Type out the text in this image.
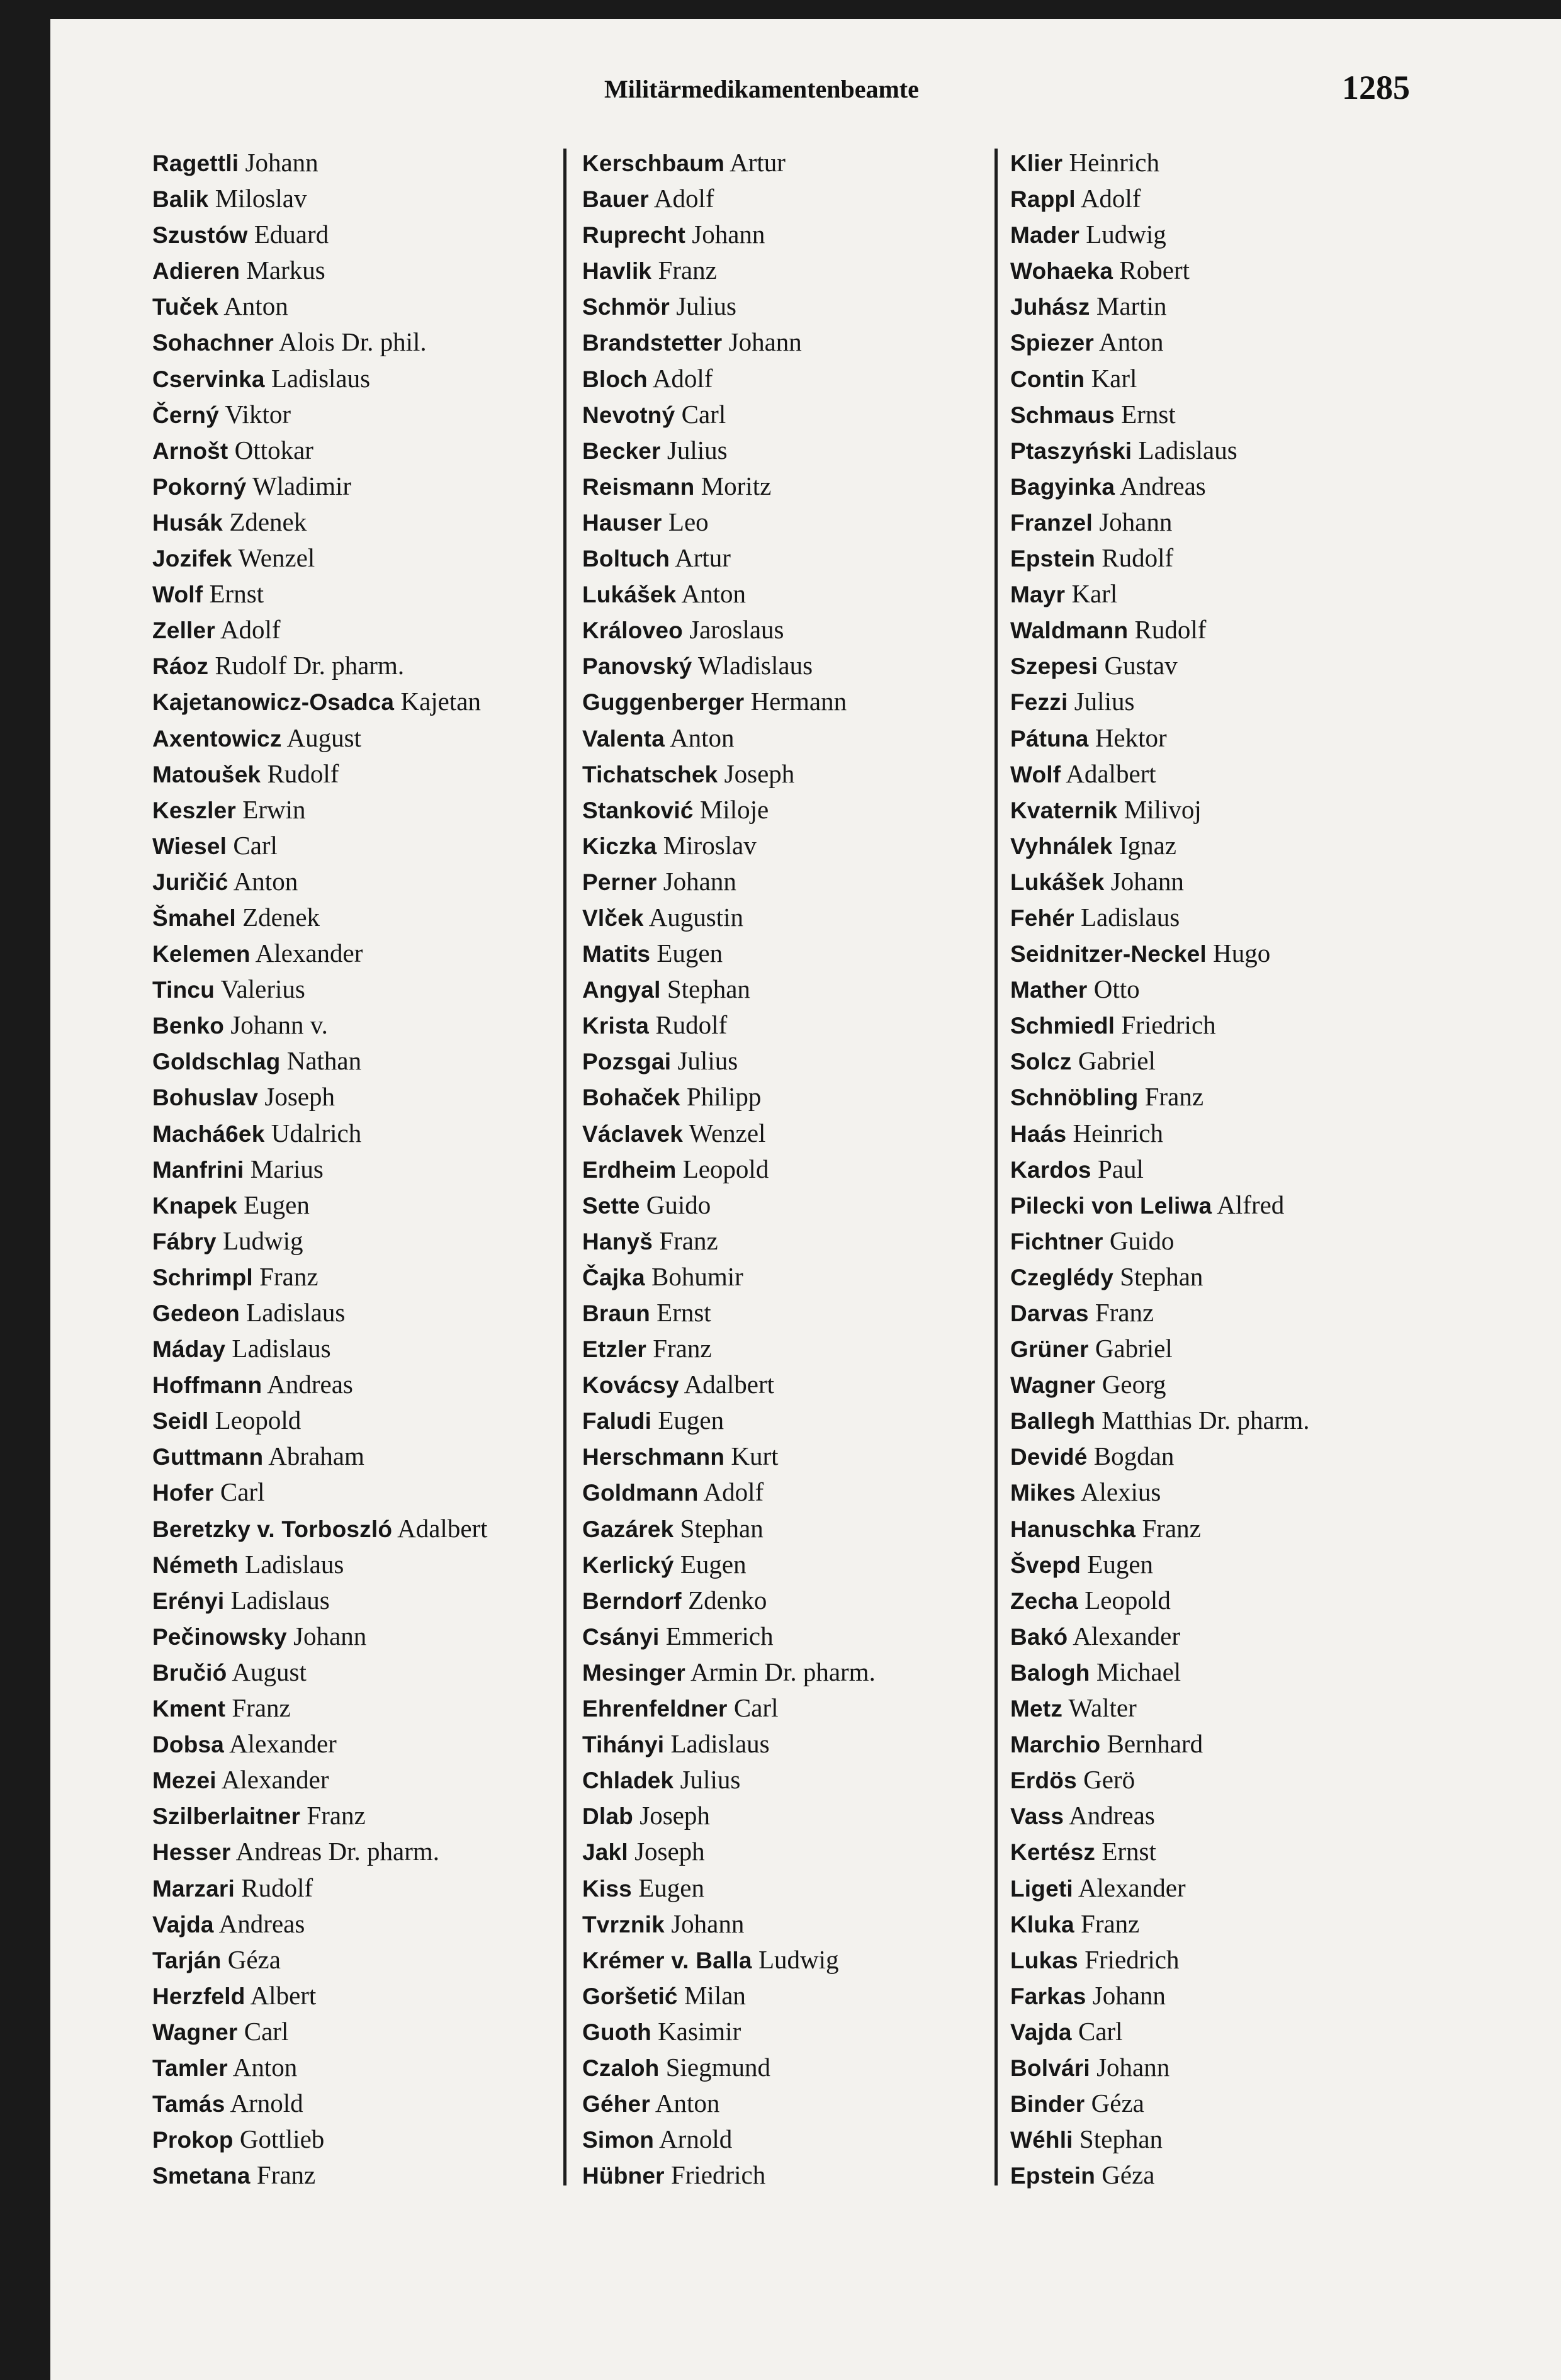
Militärmedikamentenbeamte	1285
Ragettli Johann
Balik Miloslav
Szustów Eduard
Adieren Markus
Tuček Anton
Sohachner Alois Dr. phil.
Cservinka Ladislaus
Černý Viktor
Arnošt Ottokar
Pokorný Wladimir
Husák Zdenek
Jozifek Wenzel
Wolf Ernst
Zeller Adolf
Ráoz Rudolf Dr. pharm.
Kajetanowicz-Osadca Kajetan
Axentowicz August
Matoušek Rudolf
Keszler Erwin
Wiesel Carl
Juričić Anton
Šmahel Zdenek
Kelemen Alexander
Tincu Valerius
Benko Johann v.
Goldschlag Nathan
Bohuslav Joseph
Machá6ek Udalrich
Manfrini Marius
Knapek Eugen
Fábry Ludwig
Schrimpl Franz
Gedeon Ladislaus
Máday Ladislaus
Hoffmann Andreas
Seidl Leopold
Guttmann Abraham
Hofer Carl
Beretzky v. Torboszló Adalbert
Németh Ladislaus
Erényi Ladislaus
Pečinowsky Johann
Bručió August
Kment Franz
Dobsa Alexander
Mezei Alexander
Szilberlaitner Franz
Hesser Andreas Dr. pharm.
Marzari Rudolf
Vajda Andreas
Tarján Géza
Herzfeld Albert
Wagner Carl
Tamler Anton
Tamás Arnold
Prokop Gottlieb
Smetana Franz
Kerschbaum Artur
Bauer Adolf
Ruprecht Johann
Havlik Franz
Schmör Julius
Brandstetter Johann
Bloch Adolf
Nevotný Carl
Becker Julius
Reismann Moritz
Hauser Leo
Boltuch Artur
Lukášek Anton
Královeo Jaroslaus
Panovský Wladislaus
Guggenberger Hermann
Valenta Anton
Tichatschek Joseph
Stanković Miloje
Kiczka Miroslav
Perner Johann
Vlček Augustin
Matits Eugen
Angyal Stephan
Krista Rudolf
Pozsgai Julius
Bohaček Philipp
Václavek Wenzel
Erdheim Leopold
Sette Guido
Hanyš Franz
Čajka Bohumir
Braun Ernst
Etzler Franz
Kovácsy Adalbert
Faludi Eugen
Herschmann Kurt
Goldmann Adolf
Gazárek Stephan
Kerlický Eugen
Berndorf Zdenko
Csányi Emmerich
Mesinger Armin Dr. pharm.
Ehrenfeldner Carl
Tihányi Ladislaus
Chladek Julius
Dlab Joseph
Jakl Joseph
Kiss Eugen
Tvrznik Johann
Krémer v. Balla Ludwig
Goršetić Milan
Guoth Kasimir
Czaloh Siegmund
Géher Anton
Simon Arnold
Hübner Friedrich
Klier Heinrich
Rappl Adolf
Mader Ludwig
Wohaeka Robert
Juhász Martin
Spiezer Anton
Contin Karl
Schmaus Ernst
Ptaszyński Ladislaus
Bagyinka Andreas
Franzel Johann
Epstein Rudolf
Mayr Karl
Waldmann Rudolf
Szepesi Gustav
Fezzi Julius
Pátuna Hektor
Wolf Adalbert
Kvaternik Milivoj
Vyhnálek Ignaz
Lukášek Johann
Fehér Ladislaus
Seidnitzer-Neckel Hugo
Mather Otto
Schmiedl Friedrich
Solcz Gabriel
Schnöbling Franz
Haás Heinrich
Kardos Paul
Pilecki von Leliwa Alfred
Fichtner Guido
Czeglédy Stephan
Darvas Franz
Grüner Gabriel
Wagner Georg
Ballegh Matthias Dr. pharm.
Devidé Bogdan
Mikes Alexius
Hanuschka Franz
Švepd Eugen
Zecha Leopold
Bakó Alexander
Balogh Michael
Metz Walter
Marchio Bernhard
Erdös Gerö
Vass Andreas
Kertész Ernst
Ligeti Alexander
Kluka Franz
Lukas Friedrich
Farkas Johann
Vajda Carl
Bolvári Johann
Binder Géza
Wéhli Stephan
Epstein Géza
